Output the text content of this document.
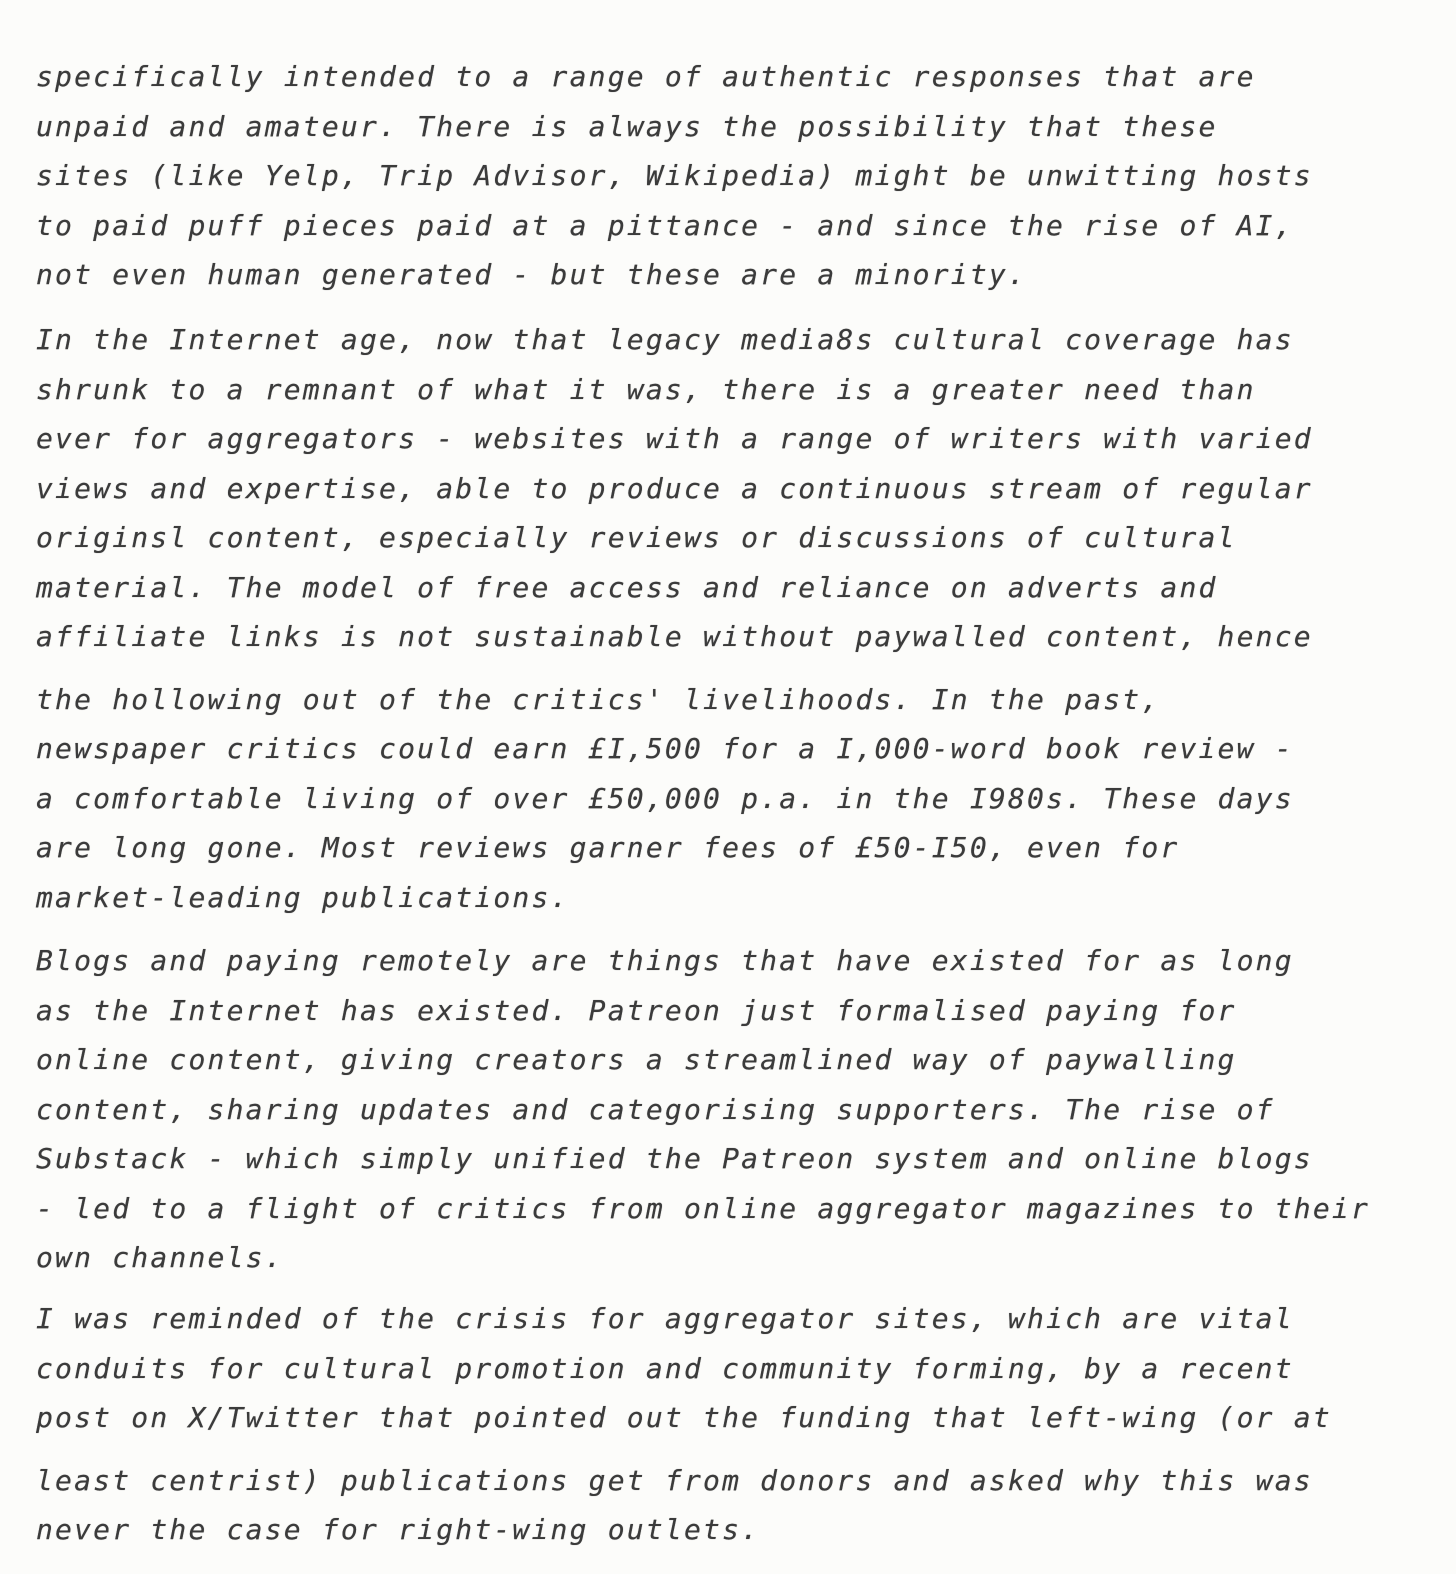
specifically intended to a range of authentic responses that are
unpaid and amateur. There is always the possibility that these
sites (like Yelp, Trip Advisor, Wikipedia) might be unwitting hosts
to paid puff pieces paid at a pittance - and since the rise of AI,
not even human generated - but these are a minority.

In the Internet age, now that legacy media8s cultural coverage has
shrunk to a remnant of what it was, there is a greater need than
ever for aggregators - websites with a range of writers with varied
views and expertise, able to produce a continuous stream of regular
originsl content, especially reviews or discussions of cultural
material. The model of free access and reliance on adverts and
affiliate links is not sustainable without paywalled content, hence
the hollowing out of the critics' livelihoods. In the past,
newspaper critics could earn £I,500 for a I,000-word book review -
a comfortable living of over £50,000 p.a. in the I980s. These days
are long gone. Most reviews garner fees of £50-I50, even for
market-leading publications.

Blogs and paying remotely are things that have existed for as long
as the Internet has existed. Patreon just formalised paying for
online content, giving creators a streamlined way of paywalling
content, sharing updates and categorising supporters. The rise of
Substack - which simply unified the Patreon system and online blogs
- led to a flight of critics from online aggregator magazines to their
own channels.

I was reminded of the crisis for aggregator sites, which are vital
conduits for cultural promotion and community forming, by a recent
post on X/Twitter that pointed out the funding that left-wing (or at
least centrist) publications get from donors and asked why this was
never the case for right-wing outlets.
